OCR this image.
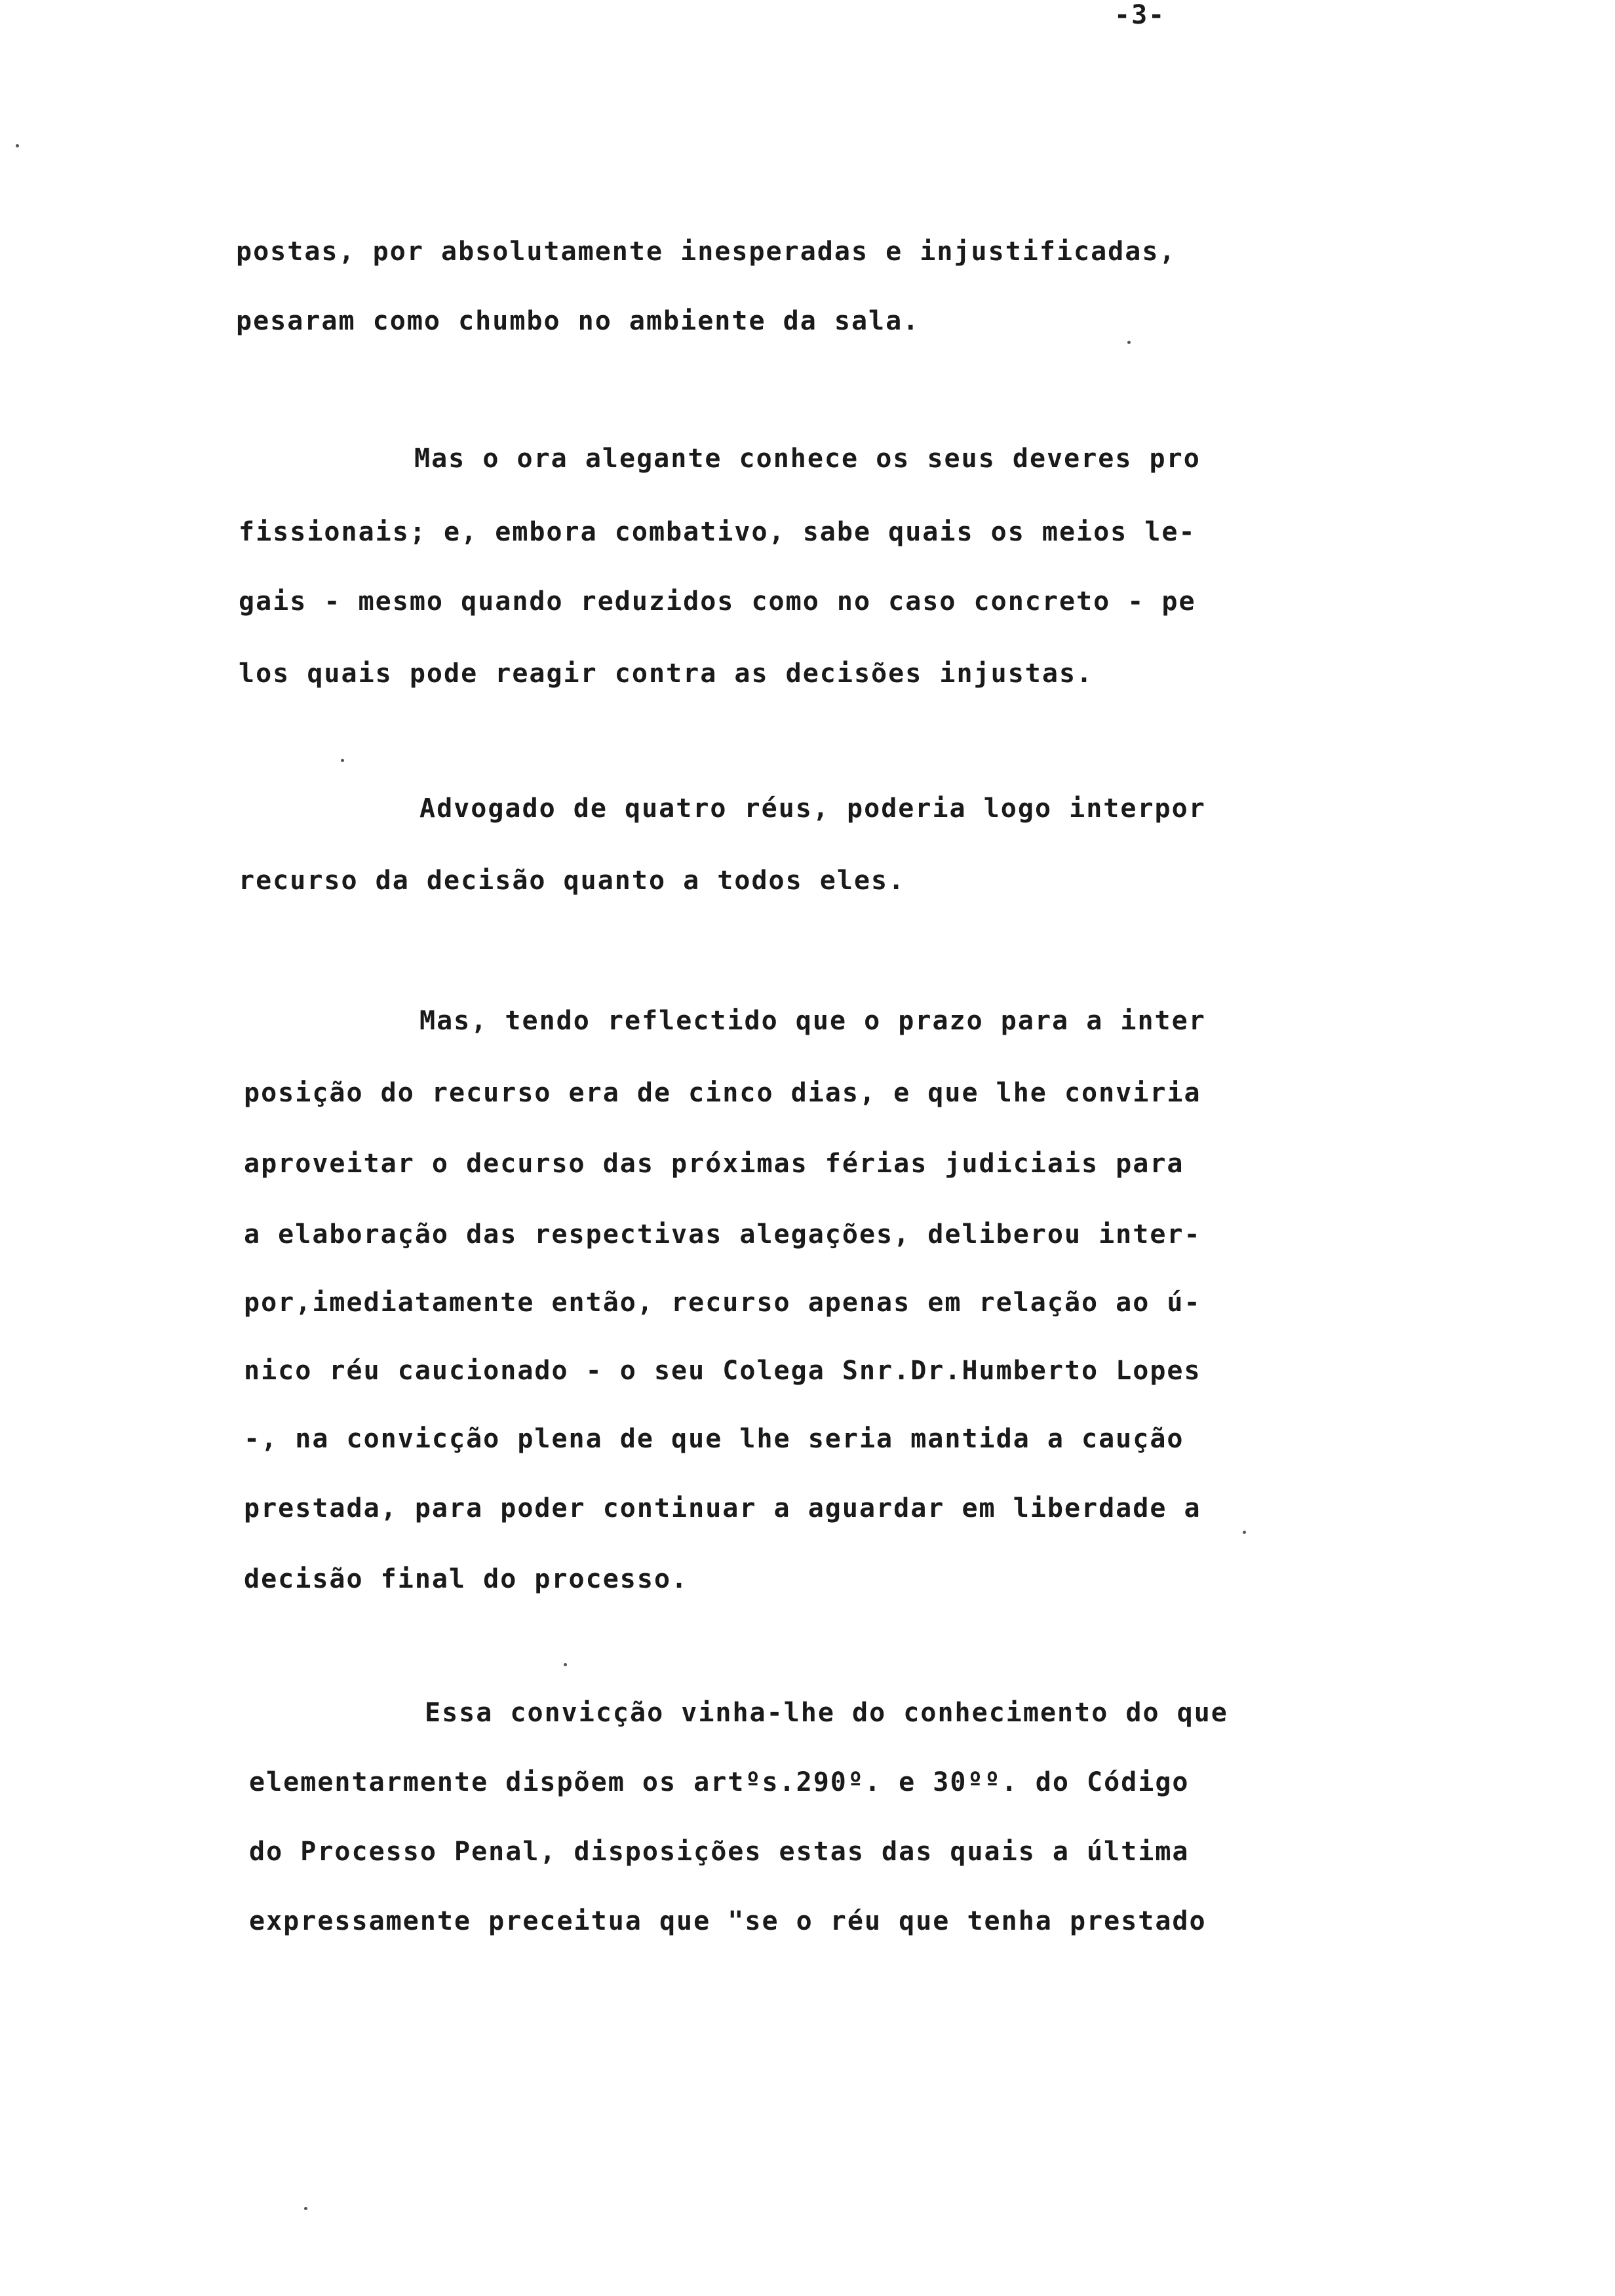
-3-
postas, por absolutamente inesperadas e injustificadas,
pesaram como chumbo no ambiente da sala.
Mas o ora alegante conhece os seus deveres pro
fissionais; e, embora combativo, sabe quais os meios le-
gais - mesmo quando reduzidos como no caso concreto - pe
los quais pode reagir contra as decisões injustas.
Advogado de quatro réus, poderia logo interpor
recurso da decisão quanto a todos eles.
Mas, tendo reflectido que o prazo para a inter
posição do recurso era de cinco dias, e que lhe conviria
aproveitar o decurso das próximas férias judiciais para
a elaboração das respectivas alegações, deliberou inter-
por,imediatamente então, recurso apenas em relação ao ú-
nico réu caucionado - o seu Colega Snr.Dr.Humberto Lopes
-, na convicção plena de que lhe seria mantida a caução
prestada, para poder continuar a aguardar em liberdade a
decisão final do processo.
Essa convicção vinha-lhe do conhecimento do que
elementarmente dispõem os artºs.290º. e 30ºº. do Código
do Processo Penal, disposições estas das quais a última
expressamente preceitua que "se o réu que tenha prestado
